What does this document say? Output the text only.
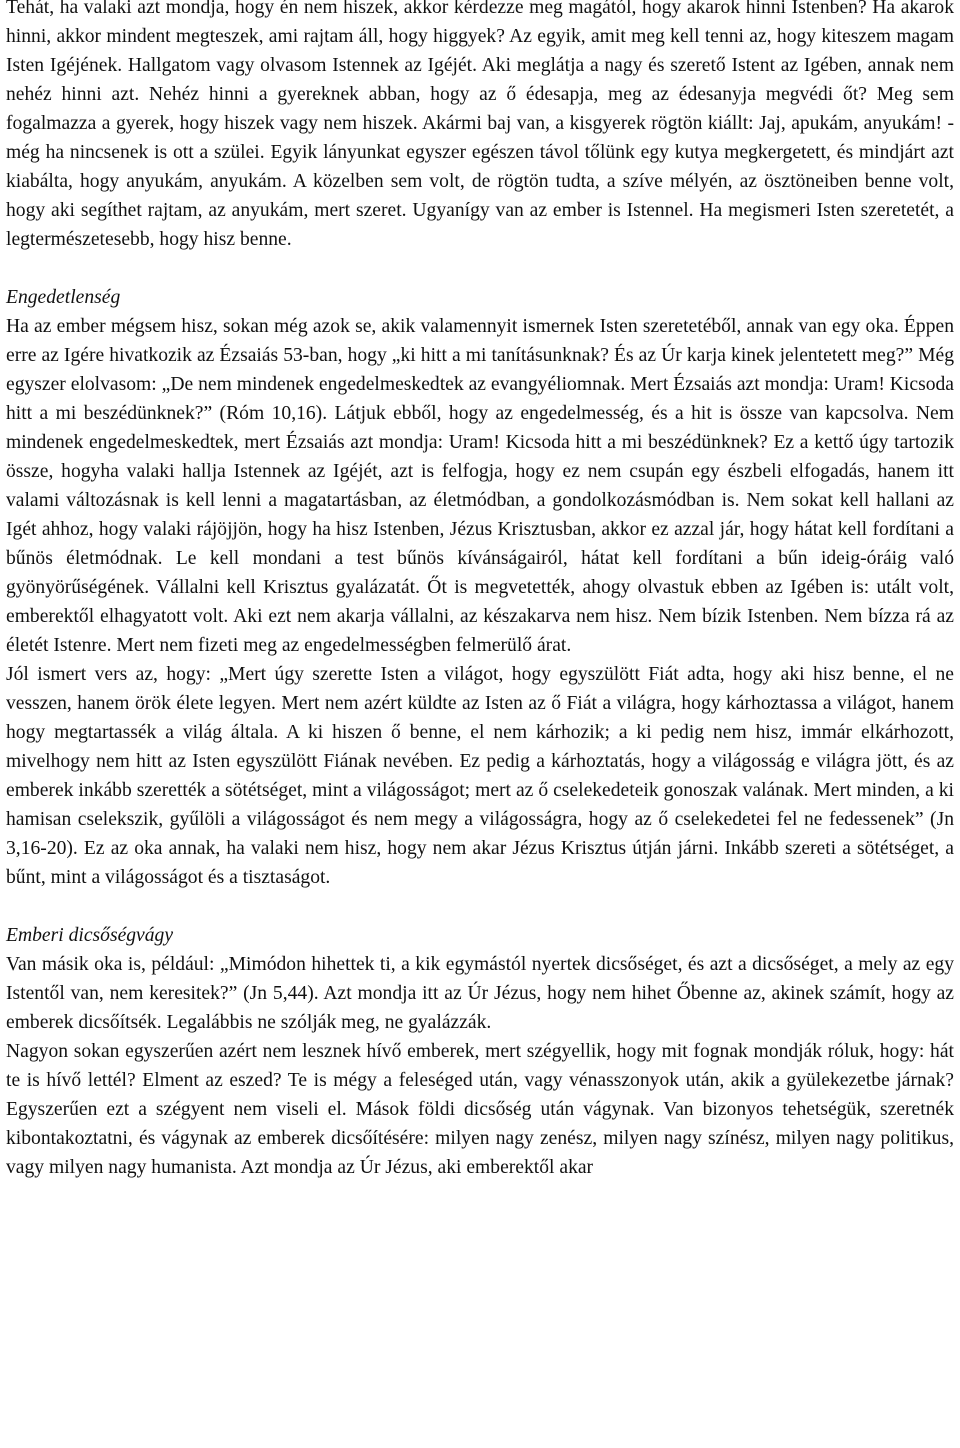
Tehát, ha valaki azt mondja, hogy én nem hiszek, akkor kérdezze meg magától, hogy akarok hinni Istenben? Ha akarok hinni, akkor mindent megteszek, ami rajtam áll, hogy higgyek? Az egyik, amit meg kell tenni az, hogy kiteszem magam Isten Igéjének. Hallgatom vagy olvasom Istennek az Igéjét. Aki meglátja a nagy és szerető Istent az Igében, annak nem nehéz hinni azt. Nehéz hinni a gyereknek abban, hogy az ő édesapja, meg az édesanyja megvédi őt? Meg sem fogalmazza a gyerek, hogy hiszek vagy nem hiszek. Akármi baj van, a kisgyerek rögtön kiállt: Jaj, apukám, anyukám! - még ha nincsenek is ott a szülei. Egyik lányunkat egyszer egészen távol tőlünk egy kutya megkergetett, és mindjárt azt kiabálta, hogy anyukám, anyukám. A közelben sem volt, de rögtön tudta, a szíve mélyén, az ösztöneiben benne volt, hogy aki segíthet rajtam, az anyukám, mert szeret. Ugyanígy van az ember is Istennel. Ha megismeri Isten szeretetét, a legtermészetesebb, hogy hisz benne.

Engedetlenség

Ha az ember mégsem hisz, sokan még azok se, akik valamennyit ismernek Isten szeretetéből, annak van egy oka. Éppen erre az Igére hivatkozik az Ézsaiás 53-ban, hogy „ki hitt a mi tanításunknak? És az Úr karja kinek jelentetett meg?” Még egyszer elolvasom: „De nem mindenek engedelmeskedtek az evangyéliomnak. Mert Ézsaiás azt mondja: Uram! Kicsoda hitt a mi beszédünknek?” (Róm 10,16). Látjuk ebből, hogy az engedelmesség, és a hit is össze van kapcsolva. Nem mindenek engedelmeskedtek, mert Ézsaiás azt mondja: Uram! Kicsoda hitt a mi beszédünknek? Ez a kettő úgy tartozik össze, hogyha valaki hallja Istennek az Igéjét, azt is felfogja, hogy ez nem csupán egy észbeli elfogadás, hanem itt valami változásnak is kell lenni a magatartásban, az életmódban, a gondolkozásmódban is. Nem sokat kell hallani az Igét ahhoz, hogy valaki rájöjjön, hogy ha hisz Istenben, Jézus Krisztusban, akkor ez azzal jár, hogy hátat kell fordítani a bűnös életmódnak. Le kell mondani a test bűnös kívánságairól, hátat kell fordítani a bűn ideig-óráig való gyönyörűségének. Vállalni kell Krisztus gyalázatát. Őt is megvetették, ahogy olvastuk ebben az Igében is: utált volt, emberektől elhagyatott volt. Aki ezt nem akarja vállalni, az készakarva nem hisz. Nem bízik Istenben. Nem bízza rá az életét Istenre. Mert nem fizeti meg az engedelmességben felmerülő árat.

Jól ismert vers az, hogy: „Mert úgy szerette Isten a világot, hogy egyszülött Fiát adta, hogy aki hisz benne, el ne vesszen, hanem örök élete legyen. Mert nem azért küldte az Isten az ő Fiát a világra, hogy kárhoztassa a világot, hanem hogy megtartassék a világ általa. A ki hiszen ő benne, el nem kárhozik; a ki pedig nem hisz, immár elkárhozott, mivelhogy nem hitt az Isten egyszülött Fiának nevében. Ez pedig a kárhoztatás, hogy a világosság e világra jött, és az emberek inkább szerették a sötétséget, mint a világosságot; mert az ő cselekedeteik gonoszak valának. Mert minden, a ki hamisan cselekszik, gyűlöli a világosságot és nem megy a világosságra, hogy az ő cselekedetei fel ne fedessenek” (Jn 3,16-20). Ez az oka annak, ha valaki nem hisz, hogy nem akar Jézus Krisztus útján járni. Inkább szereti a sötétséget, a bűnt, mint a világosságot és a tisztaságot.

Emberi dicsőségvágy

Van másik oka is, például: „Mimódon hihettek ti, a kik egymástól nyertek dicsőséget, és azt a dicsőséget, a mely az egy Istentől van, nem keresitek?” (Jn 5,44). Azt mondja itt az Úr Jézus, hogy nem hihet Őbenne az, akinek számít, hogy az emberek dicsőítsék. Legalábbis ne szólják meg, ne gyalázzák.

Nagyon sokan egyszerűen azért nem lesznek hívő emberek, mert szégyellik, hogy mit fognak mondják róluk, hogy: hát te is hívő lettél? Elment az eszed? Te is mégy a feleséged után, vagy vénasszonyok után, akik a gyülekezetbe járnak? Egyszerűen ezt a szégyent nem viseli el. Mások földi dicsőség után vágynak. Van bizonyos tehetségük, szeretnék kibontakoztatni, és vágynak az emberek dicsőítésére: milyen nagy zenész, milyen nagy színész, milyen nagy politikus, vagy milyen nagy humanista. Azt mondja az Úr Jézus, aki emberektől akar
